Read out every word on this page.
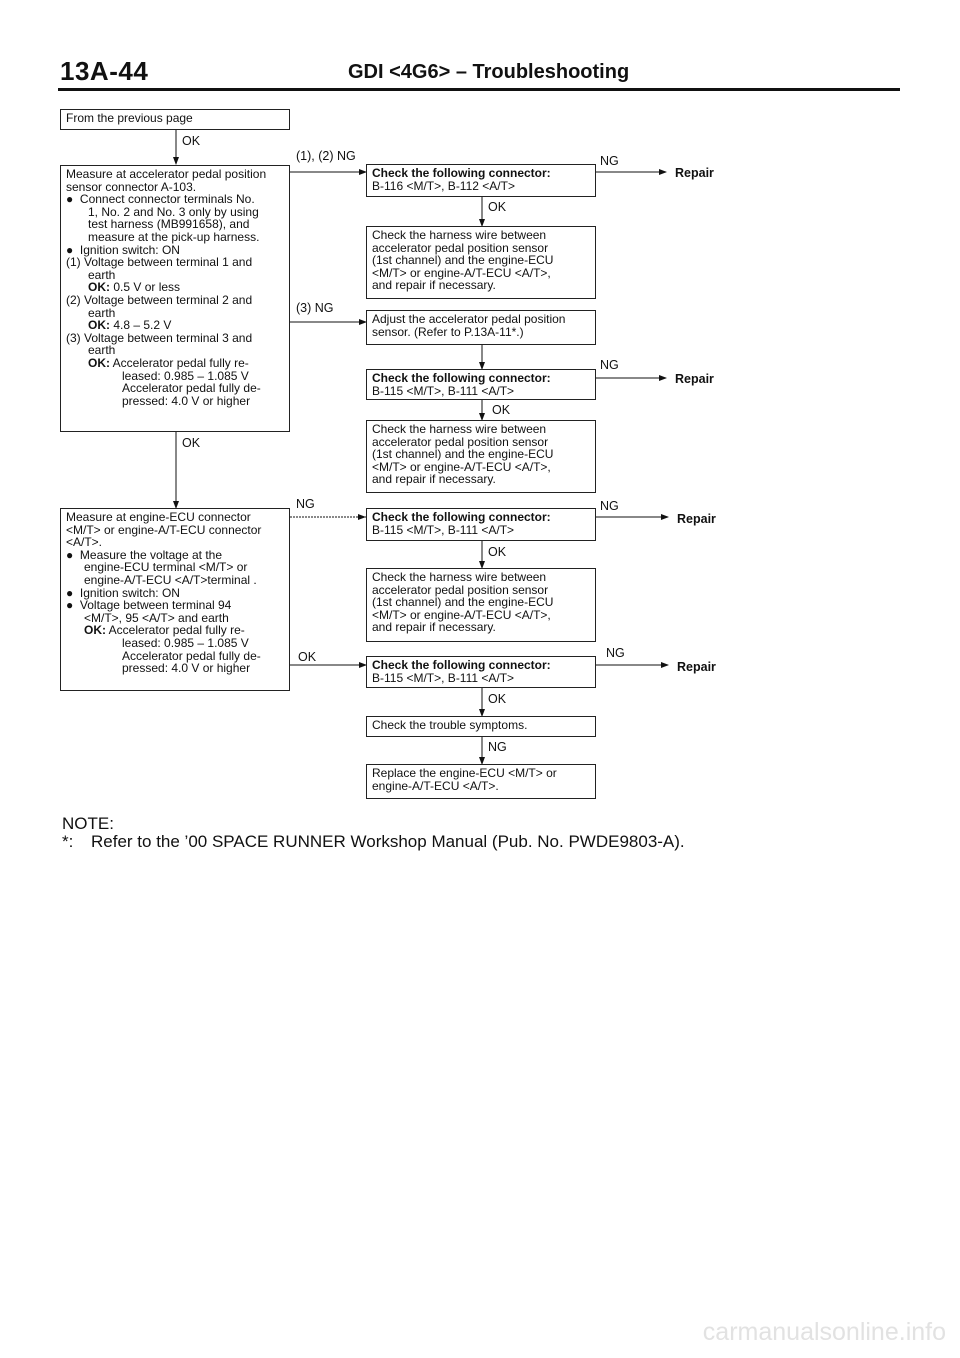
13A-44	GDI <4G6> – Troubleshooting
From the previous page
OK
Measure at accelerator pedal position
sensor connector A-103.
●  Connect connector terminals No.
1, No. 2 and No. 3 only by using
test harness (MB991658), and
measure at the pick-up harness.
●  Ignition switch: ON
(1) Voltage between terminal 1 and
earth
OK: 0.5 V or less
(2) Voltage between terminal 2 and
earth
OK: 4.8 – 5.2 V
(3) Voltage between terminal 3 and
earth
OK: Accelerator pedal fully re-
leased: 0.985 – 1.085 V
Accelerator pedal fully de-
pressed: 4.0 V or higher
(1), (2) NG
(3) NG
OK
Check the following connector:
B-116 <M/T>, B-112 <A/T>
NG
Repair
OK
Check the harness wire between
accelerator pedal position sensor
(1st channel) and the engine-ECU
<M/T> or engine-A/T-ECU <A/T>,
and repair if necessary.
Adjust the accelerator pedal position
sensor. (Refer to P.13A-11*.)
Check the following connector:
B-115 <M/T>, B-111 <A/T>
NG
Repair
OK
Check the harness wire between
accelerator pedal position sensor
(1st channel) and the engine-ECU
<M/T> or engine-A/T-ECU <A/T>,
and repair if necessary.
Measure at engine-ECU connector
<M/T> or engine-A/T-ECU connector
<A/T>.
●  Measure the voltage at the
engine-ECU terminal <M/T> or
engine-A/T-ECU <A/T>terminal .
●  Ignition switch: ON
●  Voltage between terminal 94
<M/T>, 95 <A/T> and earth
OK: Accelerator pedal fully re-
leased: 0.985 – 1.085 V
Accelerator pedal fully de-
pressed: 4.0 V or higher
NG
OK
Check the following connector:
B-115 <M/T>, B-111 <A/T>
NG
Repair
OK
Check the harness wire between
accelerator pedal position sensor
(1st channel) and the engine-ECU
<M/T> or engine-A/T-ECU <A/T>,
and repair if necessary.
Check the following connector:
B-115 <M/T>, B-111 <A/T>
NG
Repair
OK
Check the trouble symptoms.
NG
Replace the engine-ECU <M/T> or
engine-A/T-ECU <A/T>.
NOTE:
*: Refer to the ’00 SPACE RUNNER Workshop Manual (Pub. No. PWDE9803-A).
carmanualsonline.info
